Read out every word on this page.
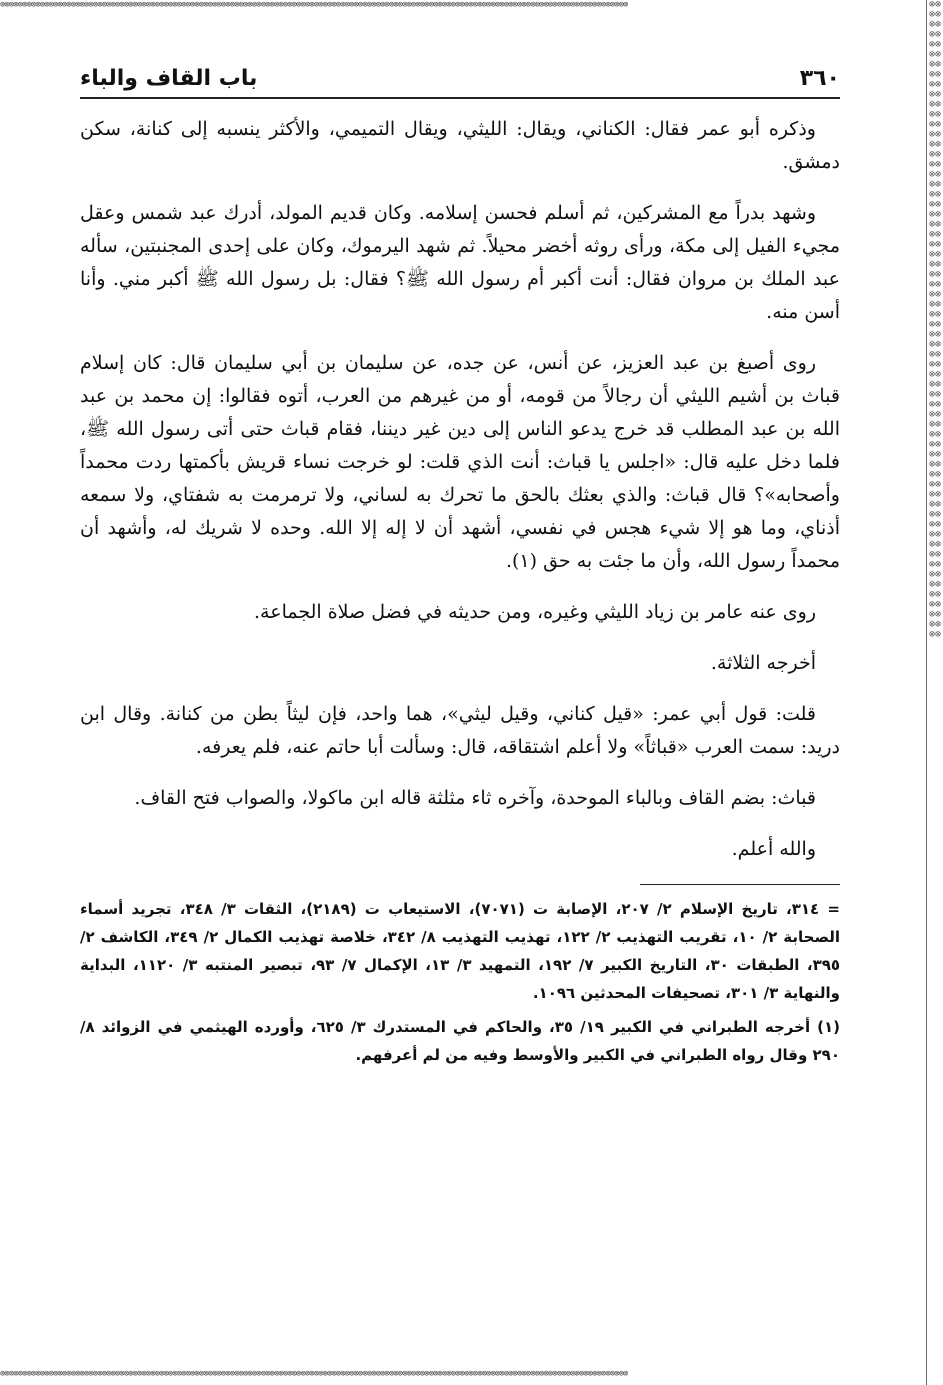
⊗⊗⊗⊗⊗⊗⊗⊗⊗⊗⊗⊗⊗⊗⊗⊗⊗⊗⊗⊗⊗⊗⊗⊗⊗⊗⊗⊗⊗⊗⊗⊗⊗⊗⊗⊗⊗⊗⊗⊗⊗⊗⊗⊗⊗⊗⊗⊗⊗⊗⊗⊗⊗⊗⊗⊗⊗⊗⊗⊗⊗⊗⊗⊗⊗⊗⊗⊗⊗⊗⊗⊗⊗⊗⊗⊗⊗⊗⊗⊗⊗⊗⊗⊗⊗⊗⊗⊗⊗⊗⊗⊗⊗⊗⊗⊗⊗⊗⊗⊗⊗⊗⊗⊗⊗⊗⊗⊗⊗⊗⊗⊗⊗⊗⊗⊗⊗⊗⊗⊗⊗⊗⊗⊗⊗⊗⊗⊗⊗⊗⊗⊗⊗⊗⊗⊗⊗⊗⊗⊗⊗⊗	⊗⊗⊗⊗⊗⊗⊗⊗⊗⊗⊗⊗⊗⊗⊗⊗⊗⊗⊗⊗⊗⊗⊗⊗⊗⊗⊗⊗⊗⊗⊗⊗⊗⊗⊗⊗⊗⊗⊗⊗⊗⊗⊗⊗⊗⊗⊗⊗⊗⊗⊗⊗⊗⊗⊗⊗⊗⊗⊗⊗⊗⊗⊗⊗⊗⊗⊗⊗⊗⊗⊗⊗⊗⊗⊗⊗⊗⊗⊗⊗⊗⊗⊗⊗⊗⊗⊗⊗⊗⊗⊗⊗⊗⊗⊗⊗⊗⊗⊗⊗⊗⊗⊗⊗⊗⊗⊗⊗⊗⊗⊗⊗⊗⊗⊗⊗⊗⊗⊗⊗⊗⊗⊗⊗⊗⊗⊗⊗
⊗⊗⊗⊗⊗⊗⊗⊗⊗⊗⊗⊗⊗⊗⊗⊗⊗⊗⊗⊗⊗⊗⊗⊗⊗⊗⊗⊗⊗⊗⊗⊗⊗⊗⊗⊗⊗⊗⊗⊗⊗⊗⊗⊗⊗⊗⊗⊗⊗⊗⊗⊗⊗⊗⊗⊗⊗⊗⊗⊗⊗⊗⊗⊗⊗⊗⊗⊗⊗⊗⊗⊗⊗⊗⊗⊗⊗⊗⊗⊗⊗⊗⊗⊗⊗⊗⊗⊗⊗⊗⊗⊗⊗⊗⊗⊗⊗⊗⊗⊗⊗⊗⊗⊗⊗⊗⊗⊗⊗⊗⊗⊗⊗⊗⊗⊗⊗⊗⊗⊗⊗⊗⊗⊗⊗⊗⊗⊗⊗⊗⊗⊗⊗⊗⊗⊗⊗⊗⊗⊗⊗⊗
٣٦٠
باب القاف والباء

وذكره أبو عمر فقال: الكناني، ويقال: الليثي، ويقال التميمي، والأكثر ينسبه إلى كنانة، سكن دمشق.

وشهد بدراً مع المشركين، ثم أسلم فحسن إسلامه. وكان قديم المولد، أدرك عبد شمس وعقل مجيء الفيل إلى مكة، ورأى روثه أخضر محيلاً. ثم شهد اليرموك، وكان على إحدى المجنبتين، سأله عبد الملك بن مروان فقال: أنت أكبر أم رسول الله ﷺ؟ فقال: بل رسول الله ﷺ أكبر مني. وأنا أسن منه.

روى أصبغ بن عبد العزيز، عن أنس، عن جده، عن سليمان بن أبي سليمان قال: كان إسلام قباث بن أشيم الليثي أن رجالاً من قومه، أو من غيرهم من العرب، أتوه فقالوا: إن محمد بن عبد الله بن عبد المطلب قد خرج يدعو الناس إلى دين غير ديننا، فقام قباث حتى أتى رسول الله ﷺ، فلما دخل عليه قال: «اجلس يا قباث: أنت الذي قلت: لو خرجت نساء قريش بأكمتها ردت محمداً وأصحابه»؟ قال قباث: والذي بعثك بالحق ما تحرك به لساني، ولا ترمرمت به شفتاي، ولا سمعه أذناي، وما هو إلا شيء هجس في نفسي، أشهد أن لا إله إلا الله. وحده لا شريك له، وأشهد أن محمداً رسول الله، وأن ما جئت به حق (١).

روى عنه عامر بن زياد الليثي وغيره، ومن حديثه في فضل صلاة الجماعة.

أخرجه الثلاثة.

قلت: قول أبي عمر: «قيل كناني، وقيل ليثي»، هما واحد، فإن ليثاً بطن من كنانة. وقال ابن دريد: سمت العرب «قباثاً» ولا أعلم اشتقاقه، قال: وسألت أبا حاتم عنه، فلم يعرفه.

قباث: بضم القاف وبالباء الموحدة، وآخره ثاء مثلثة قاله ابن ماكولا، والصواب فتح القاف.

والله أعلم.

= ٣١٤، تاريخ الإسلام ٢/ ٢٠٧، الإصابة ت (٧٠٧١)، الاستيعاب ت (٢١٨٩)، الثقات ٣/ ٣٤٨، تجريد أسماء الصحابة ٢/ ١٠، تقريب التهذيب ٢/ ١٢٢، تهذيب التهذيب ٨/ ٣٤٢، خلاصة تهذيب الكمال ٢/ ٣٤٩، الكاشف ٢/ ٣٩٥، الطبقات ٣٠، التاريخ الكبير ٧/ ١٩٢، التمهيد ٣/ ١٣، الإكمال ٧/ ٩٣، تبصير المنتبه ٣/ ١١٢٠، البداية والنهاية ٣/ ٣٠١، تصحيفات المحدثين ١٠٩٦.

(١) أخرجه الطبراني في الكبير ١٩/ ٣٥، والحاكم في المستدرك ٣/ ٦٢٥، وأورده الهيثمي في الزوائد ٨/ ٢٩٠ وقال رواه الطبراني في الكبير والأوسط وفيه من لم أعرفهم.
